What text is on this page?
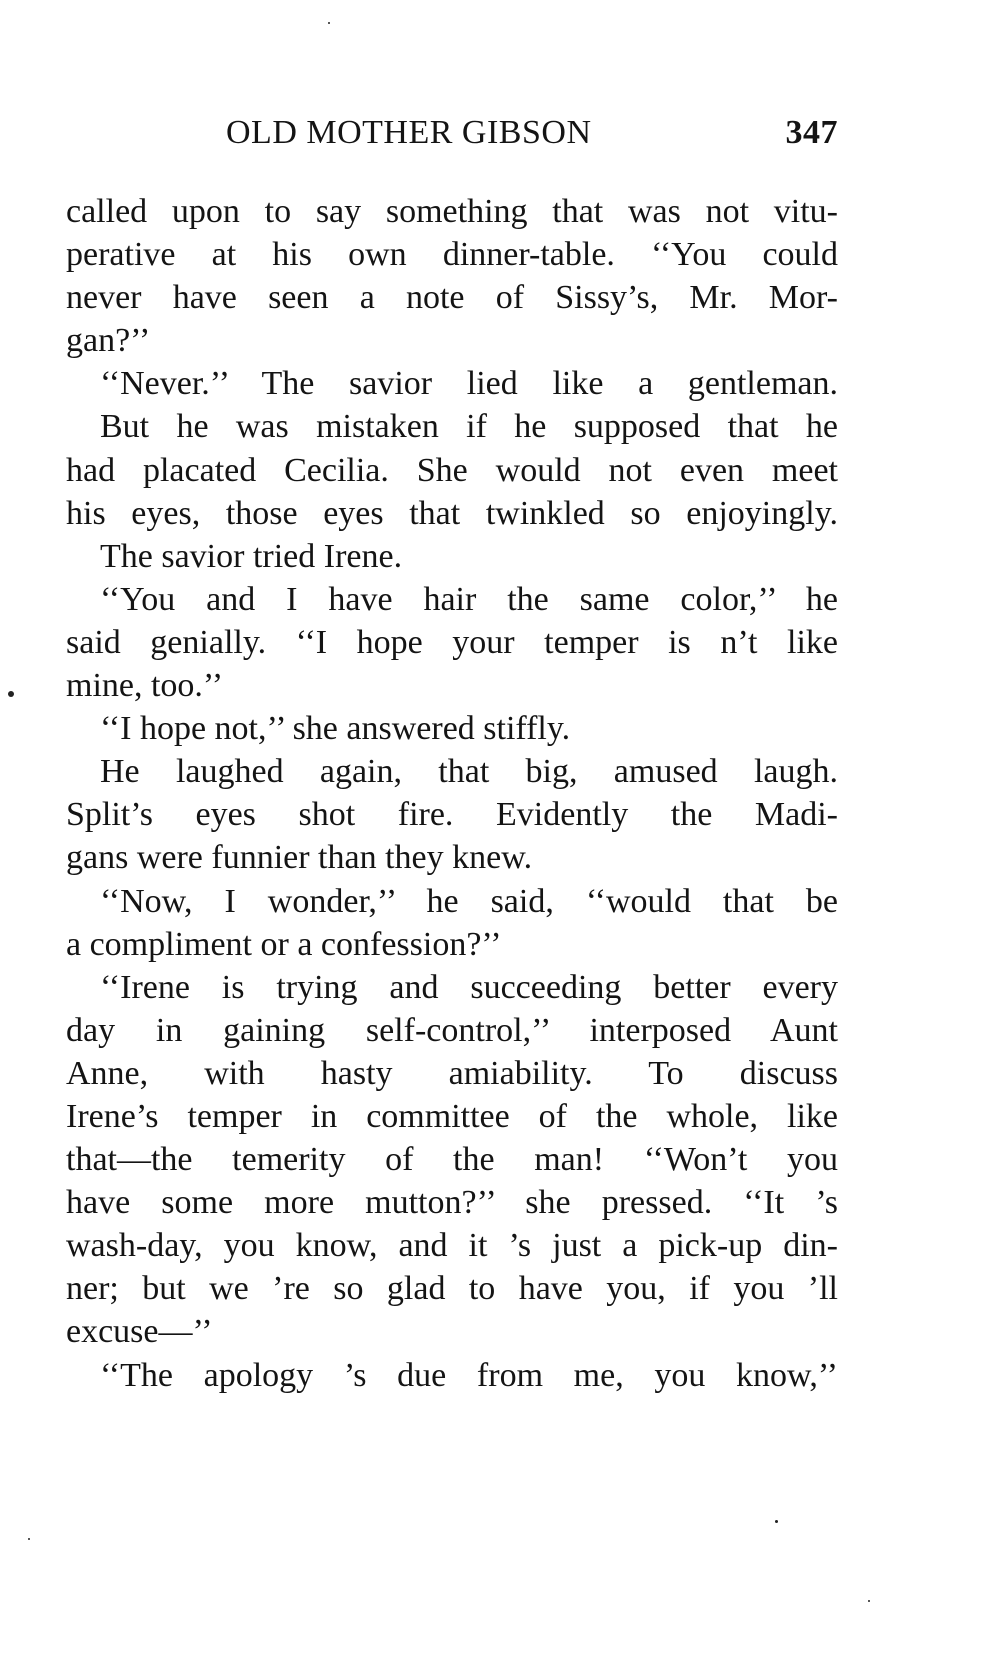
OLD MOTHER GIBSON	347
called upon to say something that was not vitu-
perative at his own dinner-table. ‘‘You could
never have seen a note of Sissy’s, Mr. Mor-
gan?’’
‘‘Never.’’ The savior lied like a gentleman.
But he was mistaken if he supposed that he
had placated Cecilia. She would not even meet
his eyes, those eyes that twinkled so enjoyingly.
The savior tried Irene.
‘‘You and I have hair the same color,’’ he
said genially. ‘‘I hope your temper is n’t like
mine, too.’’
‘‘I hope not,’’ she answered stiffly.
He laughed again, that big, amused laugh.
Split’s eyes shot fire. Evidently the Madi-
gans were funnier than they knew.
‘‘Now, I wonder,’’ he said, ‘‘would that be
a compliment or a confession?’’
‘‘Irene is trying and succeeding better every
day in gaining self-control,’’ interposed Aunt
Anne, with hasty amiability. To discuss
Irene’s temper in committee of the whole, like
that—the temerity of the man! ‘‘Won’t you
have some more mutton?’’ she pressed. ‘‘It ’s
wash-day, you know, and it ’s just a pick-up din-
ner; but we ’re so glad to have you, if you ’ll
excuse—’’
‘‘The apology ’s due from me, you know,’’
